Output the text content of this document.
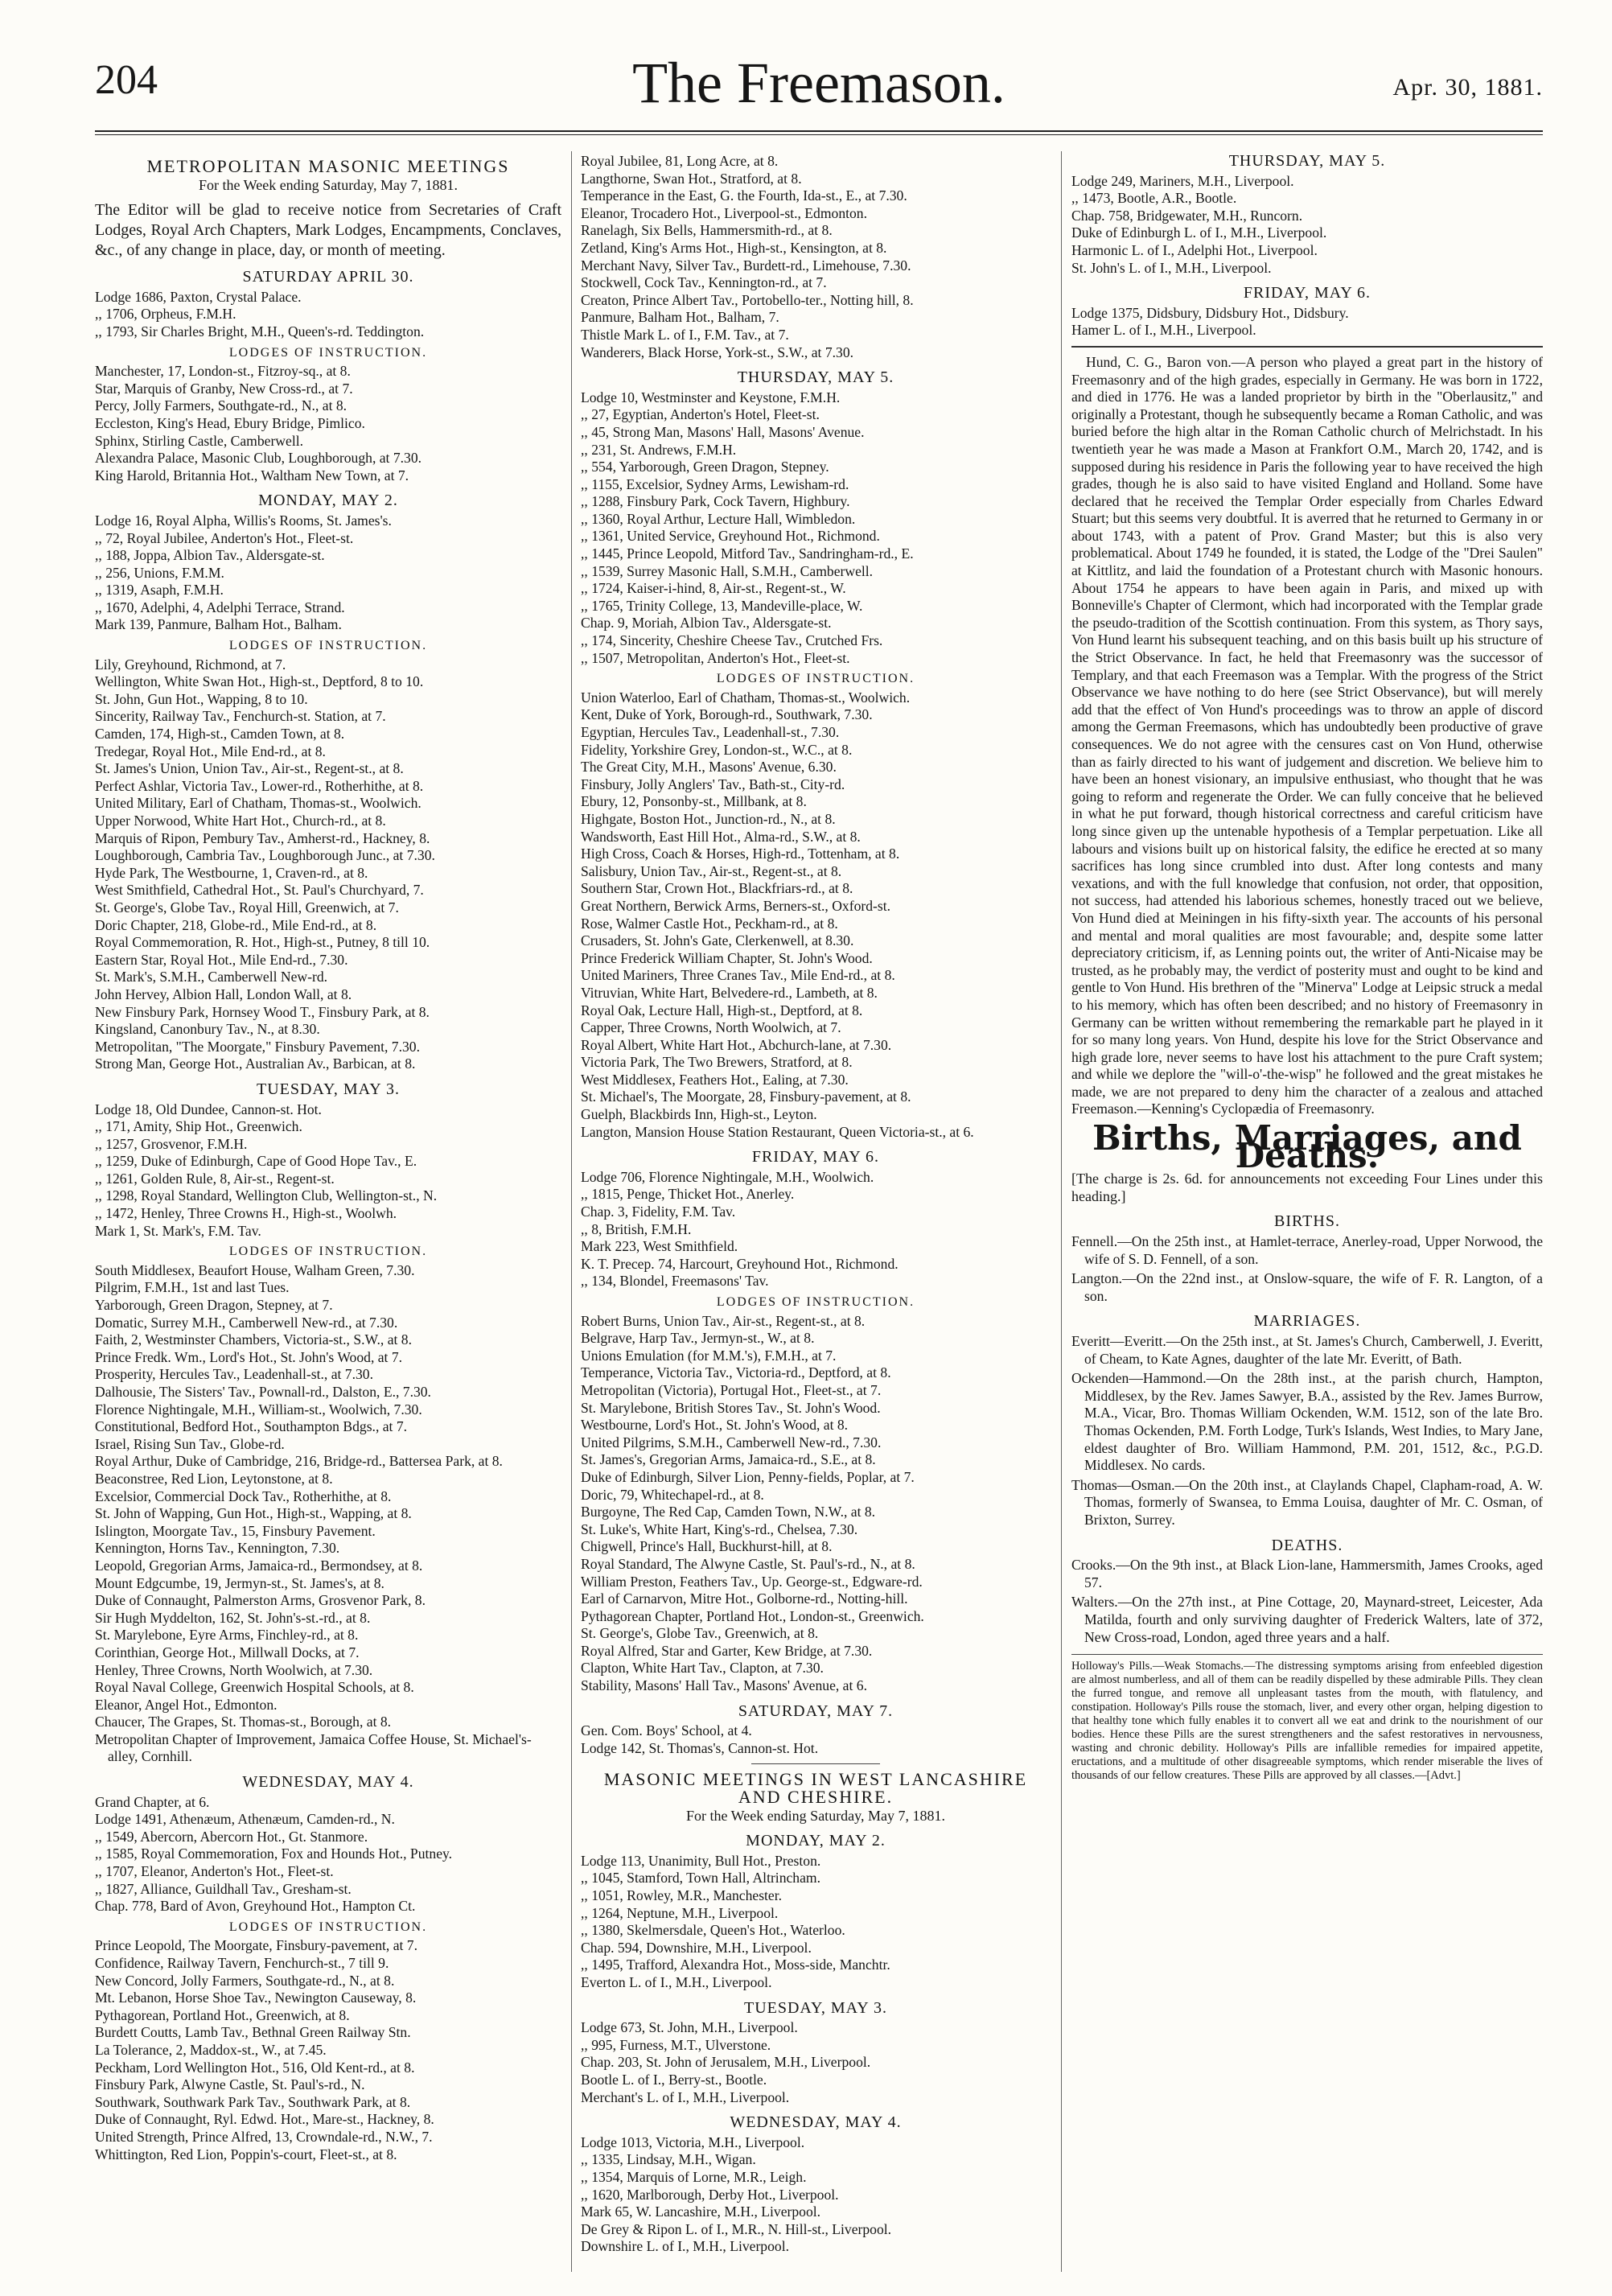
204	The Freemason.	Apr. 30, 1881.
METROPOLITAN MASONIC MEETINGS
For the Week ending Saturday, May 7, 1881.
The Editor will be glad to receive notice from Secretaries of Craft Lodges, Royal Arch Chapters, Mark Lodges, Encampments, Conclaves, &c., of any change in place, day, or month of meeting.
SATURDAY APRIL 30.

Lodge 1686, Paxton, Crystal Palace.

,, 1706, Orpheus, F.M.H.

,, 1793, Sir Charles Bright, M.H., Queen's-rd. Teddington.

LODGES OF INSTRUCTION.

Manchester, 17, London-st., Fitzroy-sq., at 8.

Star, Marquis of Granby, New Cross-rd., at 7.

Percy, Jolly Farmers, Southgate-rd., N., at 8.

Eccleston, King's Head, Ebury Bridge, Pimlico.

Sphinx, Stirling Castle, Camberwell.

Alexandra Palace, Masonic Club, Loughborough, at 7.30.

King Harold, Britannia Hot., Waltham New Town, at 7.

MONDAY, MAY 2.

Lodge 16, Royal Alpha, Willis's Rooms, St. James's.

,, 72, Royal Jubilee, Anderton's Hot., Fleet-st.

,, 188, Joppa, Albion Tav., Aldersgate-st.

,, 256, Unions, F.M.M.

,, 1319, Asaph, F.M.H.

,, 1670, Adelphi, 4, Adelphi Terrace, Strand.

Mark 139, Panmure, Balham Hot., Balham.

LODGES OF INSTRUCTION.

Lily, Greyhound, Richmond, at 7.

Wellington, White Swan Hot., High-st., Deptford, 8 to 10.

St. John, Gun Hot., Wapping, 8 to 10.

Sincerity, Railway Tav., Fenchurch-st. Station, at 7.

Camden, 174, High-st., Camden Town, at 8.

Tredegar, Royal Hot., Mile End-rd., at 8.

St. James's Union, Union Tav., Air-st., Regent-st., at 8.

Perfect Ashlar, Victoria Tav., Lower-rd., Rotherhithe, at 8.

United Military, Earl of Chatham, Thomas-st., Woolwich.

Upper Norwood, White Hart Hot., Church-rd., at 8.

Marquis of Ripon, Pembury Tav., Amherst-rd., Hackney, 8.

Loughborough, Cambria Tav., Loughborough Junc., at 7.30.

Hyde Park, The Westbourne, 1, Craven-rd., at 8.

West Smithfield, Cathedral Hot., St. Paul's Churchyard, 7.

St. George's, Globe Tav., Royal Hill, Greenwich, at 7.

Doric Chapter, 218, Globe-rd., Mile End-rd., at 8.

Royal Commemoration, R. Hot., High-st., Putney, 8 till 10.

Eastern Star, Royal Hot., Mile End-rd., 7.30.

St. Mark's, S.M.H., Camberwell New-rd.

John Hervey, Albion Hall, London Wall, at 8.

New Finsbury Park, Hornsey Wood T., Finsbury Park, at 8.

Kingsland, Canonbury Tav., N., at 8.30.

Metropolitan, "The Moorgate," Finsbury Pavement, 7.30.

Strong Man, George Hot., Australian Av., Barbican, at 8.

TUESDAY, MAY 3.

Lodge 18, Old Dundee, Cannon-st. Hot.

,, 171, Amity, Ship Hot., Greenwich.

,, 1257, Grosvenor, F.M.H.

,, 1259, Duke of Edinburgh, Cape of Good Hope Tav., E.

,, 1261, Golden Rule, 8, Air-st., Regent-st.

,, 1298, Royal Standard, Wellington Club, Wellington-st., N.

,, 1472, Henley, Three Crowns H., High-st., Woolwh.

Mark 1, St. Mark's, F.M. Tav.

LODGES OF INSTRUCTION.

South Middlesex, Beaufort House, Walham Green, 7.30.

Pilgrim, F.M.H., 1st and last Tues.

Yarborough, Green Dragon, Stepney, at 7.

Domatic, Surrey M.H., Camberwell New-rd., at 7.30.

Faith, 2, Westminster Chambers, Victoria-st., S.W., at 8.

Prince Fredk. Wm., Lord's Hot., St. John's Wood, at 7.

Prosperity, Hercules Tav., Leadenhall-st., at 7.30.

Dalhousie, The Sisters' Tav., Pownall-rd., Dalston, E., 7.30.

Florence Nightingale, M.H., William-st., Woolwich, 7.30.

Constitutional, Bedford Hot., Southampton Bdgs., at 7.

Israel, Rising Sun Tav., Globe-rd.

Royal Arthur, Duke of Cambridge, 216, Bridge-rd., Battersea Park, at 8.

Beaconstree, Red Lion, Leytonstone, at 8.

Excelsior, Commercial Dock Tav., Rotherhithe, at 8.

St. John of Wapping, Gun Hot., High-st., Wapping, at 8.

Islington, Moorgate Tav., 15, Finsbury Pavement.

Kennington, Horns Tav., Kennington, 7.30.

Leopold, Gregorian Arms, Jamaica-rd., Bermondsey, at 8.

Mount Edgcumbe, 19, Jermyn-st., St. James's, at 8.

Duke of Connaught, Palmerston Arms, Grosvenor Park, 8.

Sir Hugh Myddelton, 162, St. John's-st.-rd., at 8.

St. Marylebone, Eyre Arms, Finchley-rd., at 8.

Corinthian, George Hot., Millwall Docks, at 7.

Henley, Three Crowns, North Woolwich, at 7.30.

Royal Naval College, Greenwich Hospital Schools, at 8.

Eleanor, Angel Hot., Edmonton.

Chaucer, The Grapes, St. Thomas-st., Borough, at 8.

Metropolitan Chapter of Improvement, Jamaica Coffee House, St. Michael's-alley, Cornhill.

WEDNESDAY, MAY 4.

Grand Chapter, at 6.

Lodge 1491, Athenæum, Athenæum, Camden-rd., N.

,, 1549, Abercorn, Abercorn Hot., Gt. Stanmore.

,, 1585, Royal Commemoration, Fox and Hounds Hot., Putney.

,, 1707, Eleanor, Anderton's Hot., Fleet-st.

,, 1827, Alliance, Guildhall Tav., Gresham-st.

Chap. 778, Bard of Avon, Greyhound Hot., Hampton Ct.

LODGES OF INSTRUCTION.

Prince Leopold, The Moorgate, Finsbury-pavement, at 7.

Confidence, Railway Tavern, Fenchurch-st., 7 till 9.

New Concord, Jolly Farmers, Southgate-rd., N., at 8.

Mt. Lebanon, Horse Shoe Tav., Newington Causeway, 8.

Pythagorean, Portland Hot., Greenwich, at 8.

Burdett Coutts, Lamb Tav., Bethnal Green Railway Stn.

La Tolerance, 2, Maddox-st., W., at 7.45.

Peckham, Lord Wellington Hot., 516, Old Kent-rd., at 8.

Finsbury Park, Alwyne Castle, St. Paul's-rd., N.

Southwark, Southwark Park Tav., Southwark Park, at 8.

Duke of Connaught, Ryl. Edwd. Hot., Mare-st., Hackney, 8.

United Strength, Prince Alfred, 13, Crowndale-rd., N.W., 7.

Whittington, Red Lion, Poppin's-court, Fleet-st., at 8.

Royal Jubilee, 81, Long Acre, at 8.

Langthorne, Swan Hot., Stratford, at 8.

Temperance in the East, G. the Fourth, Ida-st., E., at 7.30.

Eleanor, Trocadero Hot., Liverpool-st., Edmonton.

Ranelagh, Six Bells, Hammersmith-rd., at 8.

Zetland, King's Arms Hot., High-st., Kensington, at 8.

Merchant Navy, Silver Tav., Burdett-rd., Limehouse, 7.30.

Stockwell, Cock Tav., Kennington-rd., at 7.

Creaton, Prince Albert Tav., Portobello-ter., Notting hill, 8.

Panmure, Balham Hot., Balham, 7.

Thistle Mark L. of I., F.M. Tav., at 7.

Wanderers, Black Horse, York-st., S.W., at 7.30.

THURSDAY, MAY 5.

Lodge 10, Westminster and Keystone, F.M.H.

,, 27, Egyptian, Anderton's Hotel, Fleet-st.

,, 45, Strong Man, Masons' Hall, Masons' Avenue.

,, 231, St. Andrews, F.M.H.

,, 554, Yarborough, Green Dragon, Stepney.

,, 1155, Excelsior, Sydney Arms, Lewisham-rd.

,, 1288, Finsbury Park, Cock Tavern, Highbury.

,, 1360, Royal Arthur, Lecture Hall, Wimbledon.

,, 1361, United Service, Greyhound Hot., Richmond.

,, 1445, Prince Leopold, Mitford Tav., Sandringham-rd., E.

,, 1539, Surrey Masonic Hall, S.M.H., Camberwell.

,, 1724, Kaiser-i-hind, 8, Air-st., Regent-st., W.

,, 1765, Trinity College, 13, Mandeville-place, W.

Chap. 9, Moriah, Albion Tav., Aldersgate-st.

,, 174, Sincerity, Cheshire Cheese Tav., Crutched Frs.

,, 1507, Metropolitan, Anderton's Hot., Fleet-st.

LODGES OF INSTRUCTION.

Union Waterloo, Earl of Chatham, Thomas-st., Woolwich.

Kent, Duke of York, Borough-rd., Southwark, 7.30.

Egyptian, Hercules Tav., Leadenhall-st., 7.30.

Fidelity, Yorkshire Grey, London-st., W.C., at 8.

The Great City, M.H., Masons' Avenue, 6.30.

Finsbury, Jolly Anglers' Tav., Bath-st., City-rd.

Ebury, 12, Ponsonby-st., Millbank, at 8.

Highgate, Boston Hot., Junction-rd., N., at 8.

Wandsworth, East Hill Hot., Alma-rd., S.W., at 8.

High Cross, Coach & Horses, High-rd., Tottenham, at 8.

Salisbury, Union Tav., Air-st., Regent-st., at 8.

Southern Star, Crown Hot., Blackfriars-rd., at 8.

Great Northern, Berwick Arms, Berners-st., Oxford-st.

Rose, Walmer Castle Hot., Peckham-rd., at 8.

Crusaders, St. John's Gate, Clerkenwell, at 8.30.

Prince Frederick William Chapter, St. John's Wood.

United Mariners, Three Cranes Tav., Mile End-rd., at 8.

Vitruvian, White Hart, Belvedere-rd., Lambeth, at 8.

Royal Oak, Lecture Hall, High-st., Deptford, at 8.

Capper, Three Crowns, North Woolwich, at 7.

Royal Albert, White Hart Hot., Abchurch-lane, at 7.30.

Victoria Park, The Two Brewers, Stratford, at 8.

West Middlesex, Feathers Hot., Ealing, at 7.30.

St. Michael's, The Moorgate, 28, Finsbury-pavement, at 8.

Guelph, Blackbirds Inn, High-st., Leyton.

Langton, Mansion House Station Restaurant, Queen Victoria-st., at 6.

FRIDAY, MAY 6.

Lodge 706, Florence Nightingale, M.H., Woolwich.

,, 1815, Penge, Thicket Hot., Anerley.

Chap. 3, Fidelity, F.M. Tav.

,, 8, British, F.M.H.

Mark 223, West Smithfield.

K. T. Precep. 74, Harcourt, Greyhound Hot., Richmond.

,, 134, Blondel, Freemasons' Tav.

LODGES OF INSTRUCTION.

Robert Burns, Union Tav., Air-st., Regent-st., at 8.

Belgrave, Harp Tav., Jermyn-st., W., at 8.

Unions Emulation (for M.M.'s), F.M.H., at 7.

Temperance, Victoria Tav., Victoria-rd., Deptford, at 8.

Metropolitan (Victoria), Portugal Hot., Fleet-st., at 7.

St. Marylebone, British Stores Tav., St. John's Wood.

Westbourne, Lord's Hot., St. John's Wood, at 8.

United Pilgrims, S.M.H., Camberwell New-rd., 7.30.

St. James's, Gregorian Arms, Jamaica-rd., S.E., at 8.

Duke of Edinburgh, Silver Lion, Penny-fields, Poplar, at 7.

Doric, 79, Whitechapel-rd., at 8.

Burgoyne, The Red Cap, Camden Town, N.W., at 8.

St. Luke's, White Hart, King's-rd., Chelsea, 7.30.

Chigwell, Prince's Hall, Buckhurst-hill, at 8.

Royal Standard, The Alwyne Castle, St. Paul's-rd., N., at 8.

William Preston, Feathers Tav., Up. George-st., Edgware-rd.

Earl of Carnarvon, Mitre Hot., Golborne-rd., Notting-hill.

Pythagorean Chapter, Portland Hot., London-st., Greenwich.

St. George's, Globe Tav., Greenwich, at 8.

Royal Alfred, Star and Garter, Kew Bridge, at 7.30.

Clapton, White Hart Tav., Clapton, at 7.30.

Stability, Masons' Hall Tav., Masons' Avenue, at 6.

SATURDAY, MAY 7.

Gen. Com. Boys' School, at 4.

Lodge 142, St. Thomas's, Cannon-st. Hot.

MASONIC MEETINGS IN WEST LANCASHIRE AND CHESHIRE.
For the Week ending Saturday, May 7, 1881.
MONDAY, MAY 2.

Lodge 113, Unanimity, Bull Hot., Preston.

,, 1045, Stamford, Town Hall, Altrincham.

,, 1051, Rowley, M.R., Manchester.

,, 1264, Neptune, M.H., Liverpool.

,, 1380, Skelmersdale, Queen's Hot., Waterloo.

Chap. 594, Downshire, M.H., Liverpool.

,, 1495, Trafford, Alexandra Hot., Moss-side, Manchtr.

Everton L. of I., M.H., Liverpool.

TUESDAY, MAY 3.

Lodge 673, St. John, M.H., Liverpool.

,, 995, Furness, M.T., Ulverstone.

Chap. 203, St. John of Jerusalem, M.H., Liverpool.

Bootle L. of I., Berry-st., Bootle.

Merchant's L. of I., M.H., Liverpool.

WEDNESDAY, MAY 4.

Lodge 1013, Victoria, M.H., Liverpool.

,, 1335, Lindsay, M.H., Wigan.

,, 1354, Marquis of Lorne, M.R., Leigh.

,, 1620, Marlborough, Derby Hot., Liverpool.

Mark 65, W. Lancashire, M.H., Liverpool.

De Grey & Ripon L. of I., M.R., N. Hill-st., Liverpool.

Downshire L. of I., M.H., Liverpool.

THURSDAY, MAY 5.

Lodge 249, Mariners, M.H., Liverpool.

,, 1473, Bootle, A.R., Bootle.

Chap. 758, Bridgewater, M.H., Runcorn.

Duke of Edinburgh L. of I., M.H., Liverpool.

Harmonic L. of I., Adelphi Hot., Liverpool.

St. John's L. of I., M.H., Liverpool.

FRIDAY, MAY 6.

Lodge 1375, Didsbury, Didsbury Hot., Didsbury.

Hamer L. of I., M.H., Liverpool.

Hund, C. G., Baron von.—A person who played a great part in the history of Freemasonry and of the high grades, especially in Germany. He was born in 1722, and died in 1776. He was a landed proprietor by birth in the "Oberlausitz," and originally a Protestant, though he subsequently became a Roman Catholic, and was buried before the high altar in the Roman Catholic church of Melrichstadt. In his twentieth year he was made a Mason at Frankfort O.M., March 20, 1742, and is supposed during his residence in Paris the following year to have received the high grades, though he is also said to have visited England and Holland. Some have declared that he received the Templar Order especially from Charles Edward Stuart; but this seems very doubtful. It is averred that he returned to Germany in or about 1743, with a patent of Prov. Grand Master; but this is also very problematical. About 1749 he founded, it is stated, the Lodge of the "Drei Saulen" at Kittlitz, and laid the foundation of a Protestant church with Masonic honours. About 1754 he appears to have been again in Paris, and mixed up with Bonneville's Chapter of Clermont, which had incorporated with the Templar grade the pseudo-tradition of the Scottish continuation. From this system, as Thory says, Von Hund learnt his subsequent teaching, and on this basis built up his structure of the Strict Observance. In fact, he held that Freemasonry was the successor of Templary, and that each Freemason was a Templar. With the progress of the Strict Observance we have nothing to do here (see Strict Observance), but will merely add that the effect of Von Hund's proceedings was to throw an apple of discord among the German Freemasons, which has undoubtedly been productive of grave consequences. We do not agree with the censures cast on Von Hund, otherwise than as fairly directed to his want of judgement and discretion. We believe him to have been an honest visionary, an impulsive enthusiast, who thought that he was going to reform and regenerate the Order. We can fully conceive that he believed in what he put forward, though historical correctness and careful criticism have long since given up the untenable hypothesis of a Templar perpetuation. Like all labours and visions built up on historical falsity, the edifice he erected at so many sacrifices has long since crumbled into dust. After long contests and many vexations, and with the full knowledge that confusion, not order, that opposition, not success, had attended his laborious schemes, honestly traced out we believe, Von Hund died at Meiningen in his fifty-sixth year. The accounts of his personal and mental and moral qualities are most favourable; and, despite some latter depreciatory criticism, if, as Lenning points out, the writer of Anti-Nicaise may be trusted, as he probably may, the verdict of posterity must and ought to be kind and gentle to Von Hund. His brethren of the "Minerva" Lodge at Leipsic struck a medal to his memory, which has often been described; and no history of Freemasonry in Germany can be written without remembering the remarkable part he played in it for so many long years. Von Hund, despite his love for the Strict Observance and high grade lore, never seems to have lost his attachment to the pure Craft system; and while we deplore the "will-o'-the-wisp" he followed and the great mistakes he made, we are not prepared to deny him the character of a zealous and attached Freemason.—Kenning's Cyclopædia of Freemasonry.
Births, Marriages, and Deaths.
[The charge is 2s. 6d. for announcements not exceeding Four Lines under this heading.]
BIRTHS.

Fennell.—On the 25th inst., at Hamlet-terrace, Anerley-road, Upper Norwood, the wife of S. D. Fennell, of a son.

Langton.—On the 22nd inst., at Onslow-square, the wife of F. R. Langton, of a son.

MARRIAGES.

Everitt—Everitt.—On the 25th inst., at St. James's Church, Camberwell, J. Everitt, of Cheam, to Kate Agnes, daughter of the late Mr. Everitt, of Bath.

Ockenden—Hammond.—On the 28th inst., at the parish church, Hampton, Middlesex, by the Rev. James Sawyer, B.A., assisted by the Rev. James Burrow, M.A., Vicar, Bro. Thomas William Ockenden, W.M. 1512, son of the late Bro. Thomas Ockenden, P.M. Forth Lodge, Turk's Islands, West Indies, to Mary Jane, eldest daughter of Bro. William Hammond, P.M. 201, 1512, &c., P.G.D. Middlesex. No cards.

Thomas—Osman.—On the 20th inst., at Claylands Chapel, Clapham-road, A. W. Thomas, formerly of Swansea, to Emma Louisa, daughter of Mr. C. Osman, of Brixton, Surrey.

DEATHS.

Crooks.—On the 9th inst., at Black Lion-lane, Hammersmith, James Crooks, aged 57.

Walters.—On the 27th inst., at Pine Cottage, 20, Maynard-street, Leicester, Ada Matilda, fourth and only surviving daughter of Frederick Walters, late of 372, New Cross-road, London, aged three years and a half.

Holloway's Pills.—Weak Stomachs.—The distressing symptoms arising from enfeebled digestion are almost numberless, and all of them can be readily dispelled by these admirable Pills. They clean the furred tongue, and remove all unpleasant tastes from the mouth, with flatulency, and constipation. Holloway's Pills rouse the stomach, liver, and every other organ, helping digestion to that healthy tone which fully enables it to convert all we eat and drink to the nourishment of our bodies. Hence these Pills are the surest strengtheners and the safest restoratives in nervousness, wasting and chronic debility. Holloway's Pills are infallible remedies for impaired appetite, eructations, and a multitude of other disagreeable symptoms, which render miserable the lives of thousands of our fellow creatures. These Pills are approved by all classes.—[Advt.]
